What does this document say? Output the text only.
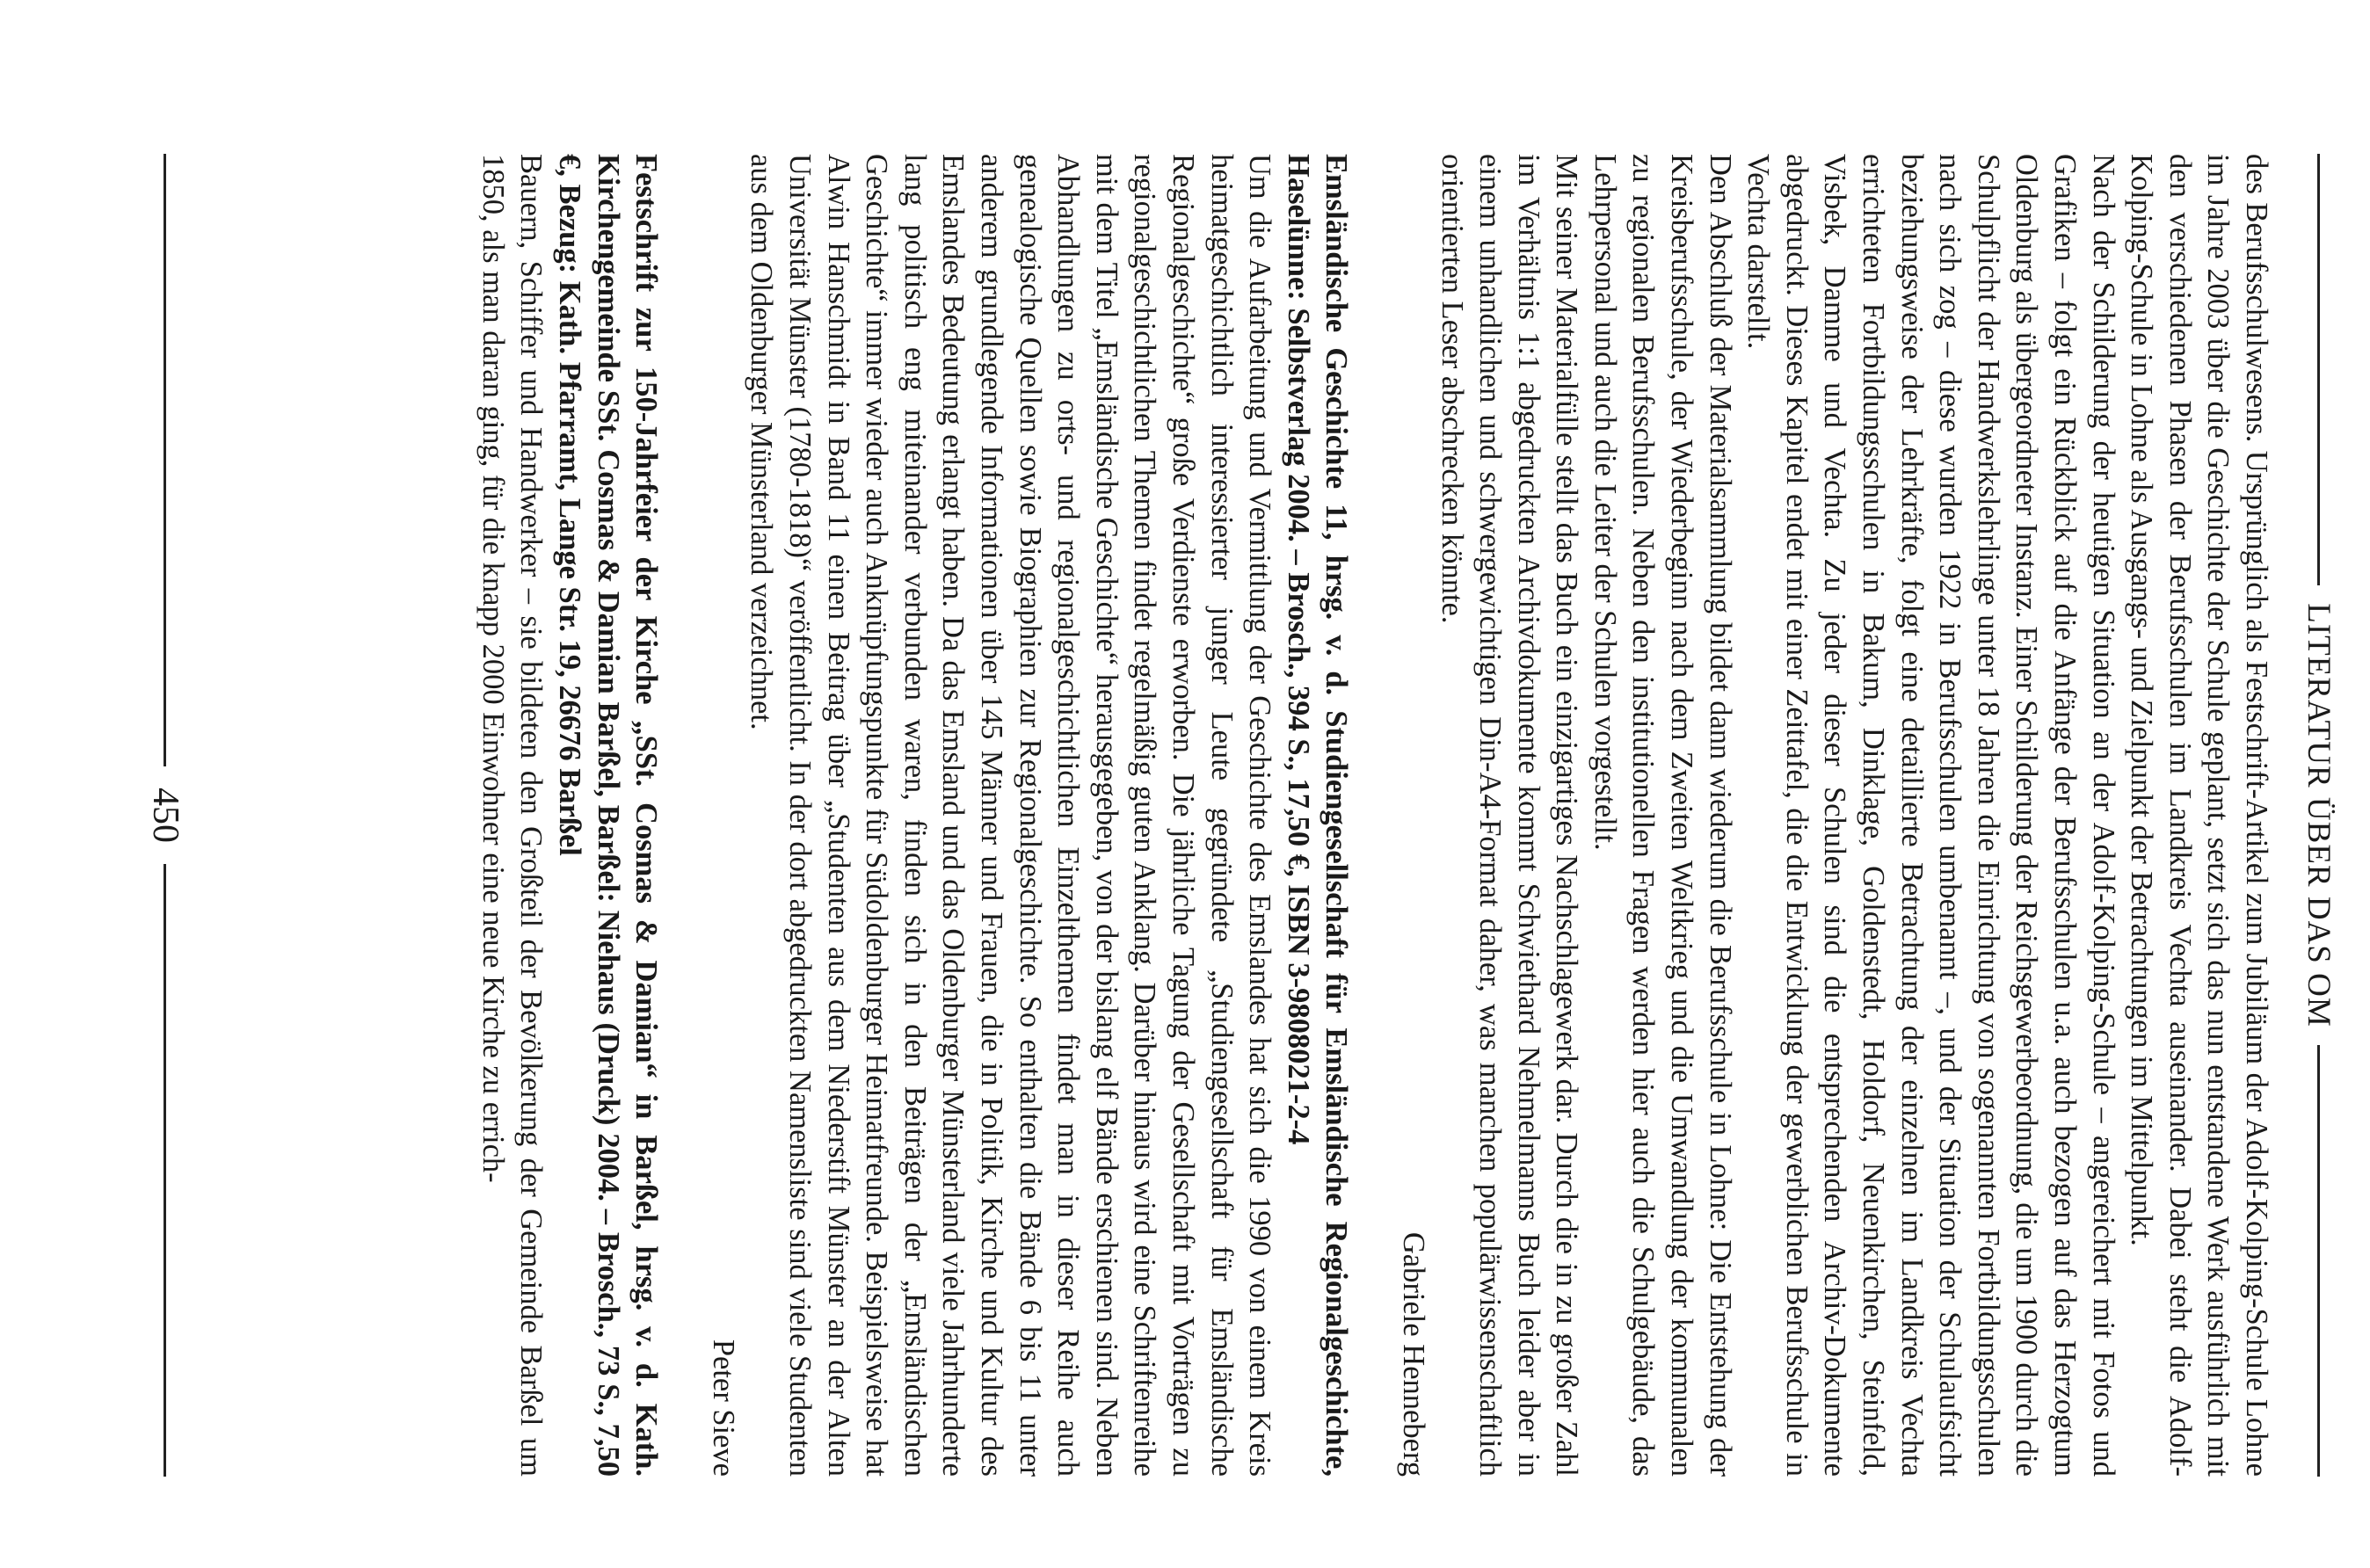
LITERATUR ÜBER DAS OM

des Berufsschulwesens. Ursprünglich als Festschrift-Artikel zum Jubiläum der Adolf-Kolping-Schule Lohne im Jahre 2003 über die Geschichte der Schule geplant, setzt sich das nun entstandene Werk ausführlich mit den verschiedenen Phasen der Berufsschulen im Landkreis Vechta auseinander. Dabei steht die Adolf-Kolping-Schule in Lohne als Ausgangs- und Zielpunkt der Betrachtungen im Mittelpunkt.

Nach der Schilderung der heutigen Situation an der Adolf-Kolping-Schule – angereichert mit Fotos und Grafiken – folgt ein Rückblick auf die Anfänge der Berufsschulen u.a. auch bezogen auf das Herzogtum Oldenburg als übergeordneter Instanz. Einer Schilderung der Reichsgewerbeordnung, die um 1900 durch die Schulpflicht der Handwerkslehrlinge unter 18 Jahren die Einrichtung von sogenannten Fortbildungsschulen nach sich zog – diese wurden 1922 in Berufsschulen umbenannt –, und der Situation der Schulaufsicht beziehungsweise der Lehrkräfte, folgt eine detaillierte Betrachtung der einzelnen im Landkreis Vechta errichteten Fortbildungsschulen in Bakum, Dinklage, Goldenstedt, Holdorf, Neuenkirchen, Steinfeld, Visbek, Damme und Vechta. Zu jeder dieser Schulen sind die entsprechenden Archiv-Dokumente abgedruckt. Dieses Kapitel endet mit einer Zeittafel, die die Entwicklung der gewerblichen Berufsschule in Vechta darstellt.

Den Abschluß der Materialsammlung bildet dann wiederum die Berufsschule in Lohne: Die Entstehung der Kreisberufsschule, der Wiederbeginn nach dem Zweiten Weltkrieg und die Umwandlung der kommunalen zu regionalen Berufsschulen. Neben den institutionellen Fragen werden hier auch die Schulgebäude, das Lehrpersonal und auch die Leiter der Schulen vorgestellt.

Mit seiner Materialfülle stellt das Buch ein einzigartiges Nachschlagewerk dar. Durch die in zu großer Zahl im Verhältnis 1:1 abgedruckten Archivdokumente kommt Schwiethard Nehmelmanns Buch leider aber in einem unhandlichen und schwergewichtigen Din-A4-Format daher, was manchen populärwissenschaftlich orientierten Leser abschrecken könnte.

Gabriele Henneberg

Emsländische Geschichte 11, hrsg. v. d. Studiengesellschaft für Emsländische Regionalgeschichte, Haselünne: Selbstverlag 2004. – Brosch., 394 S., 17,50 €, ISBN 3-9808021-2-4

Um die Aufarbeitung und Vermittlung der Geschichte des Emslandes hat sich die 1990 von einem Kreis heimatgeschichtlich interessierter junger Leute gegründete „Studiengesellschaft für Emsländische Regionalgeschichte“ große Verdienste erworben. Die jährliche Tagung der Gesellschaft mit Vorträgen zu regionalgeschichtlichen Themen findet regelmäßig guten Anklang. Darüber hinaus wird eine Schriftenreihe mit dem Titel „Emsländische Geschichte“ herausgegeben, von der bislang elf Bände erschienen sind. Neben Abhandlungen zu orts- und regionalgeschichtlichen Einzelthemen findet man in dieser Reihe auch genealogische Quellen sowie Biographien zur Regionalgeschichte. So enthalten die Bände 6 bis 11 unter anderem grundlegende Informationen über 145 Männer und Frauen, die in Politik, Kirche und Kultur des Emslandes Bedeutung erlangt haben. Da das Emsland und das Oldenburger Münsterland viele Jahrhunderte lang politisch eng miteinander verbunden waren, finden sich in den Beiträgen der „Emsländischen Geschichte“ immer wieder auch Anknüpfungspunkte für Südoldenburger Heimatfreunde. Beispielsweise hat Alwin Hanschmidt in Band 11 einen Beitrag über „Studenten aus dem Niederstift Münster an der Alten Universität Münster (1780-1818)“ veröffentlicht. In der dort abgedruckten Namensliste sind viele Studenten aus dem Oldenburger Münsterland verzeichnet.

Peter Sieve

Festschrift zur 150-Jahrfeier der Kirche „SSt. Cosmas & Damian“ in Barßel, hrsg. v. d. Kath. Kirchengemeinde SSt. Cosmas & Damian Barßel, Barßel: Niehaus (Druck) 2004. – Brosch., 73 S., 7,50 €, Bezug: Kath. Pfarramt, Lange Str. 19, 26676 Barßel

Bauern, Schiffer und Handwerker – sie bildeten den Großteil der Bevölkerung der Gemeinde Barßel um 1850, als man daran ging, für die knapp 2000 Einwohner eine neue Kirche zu errich-

450
